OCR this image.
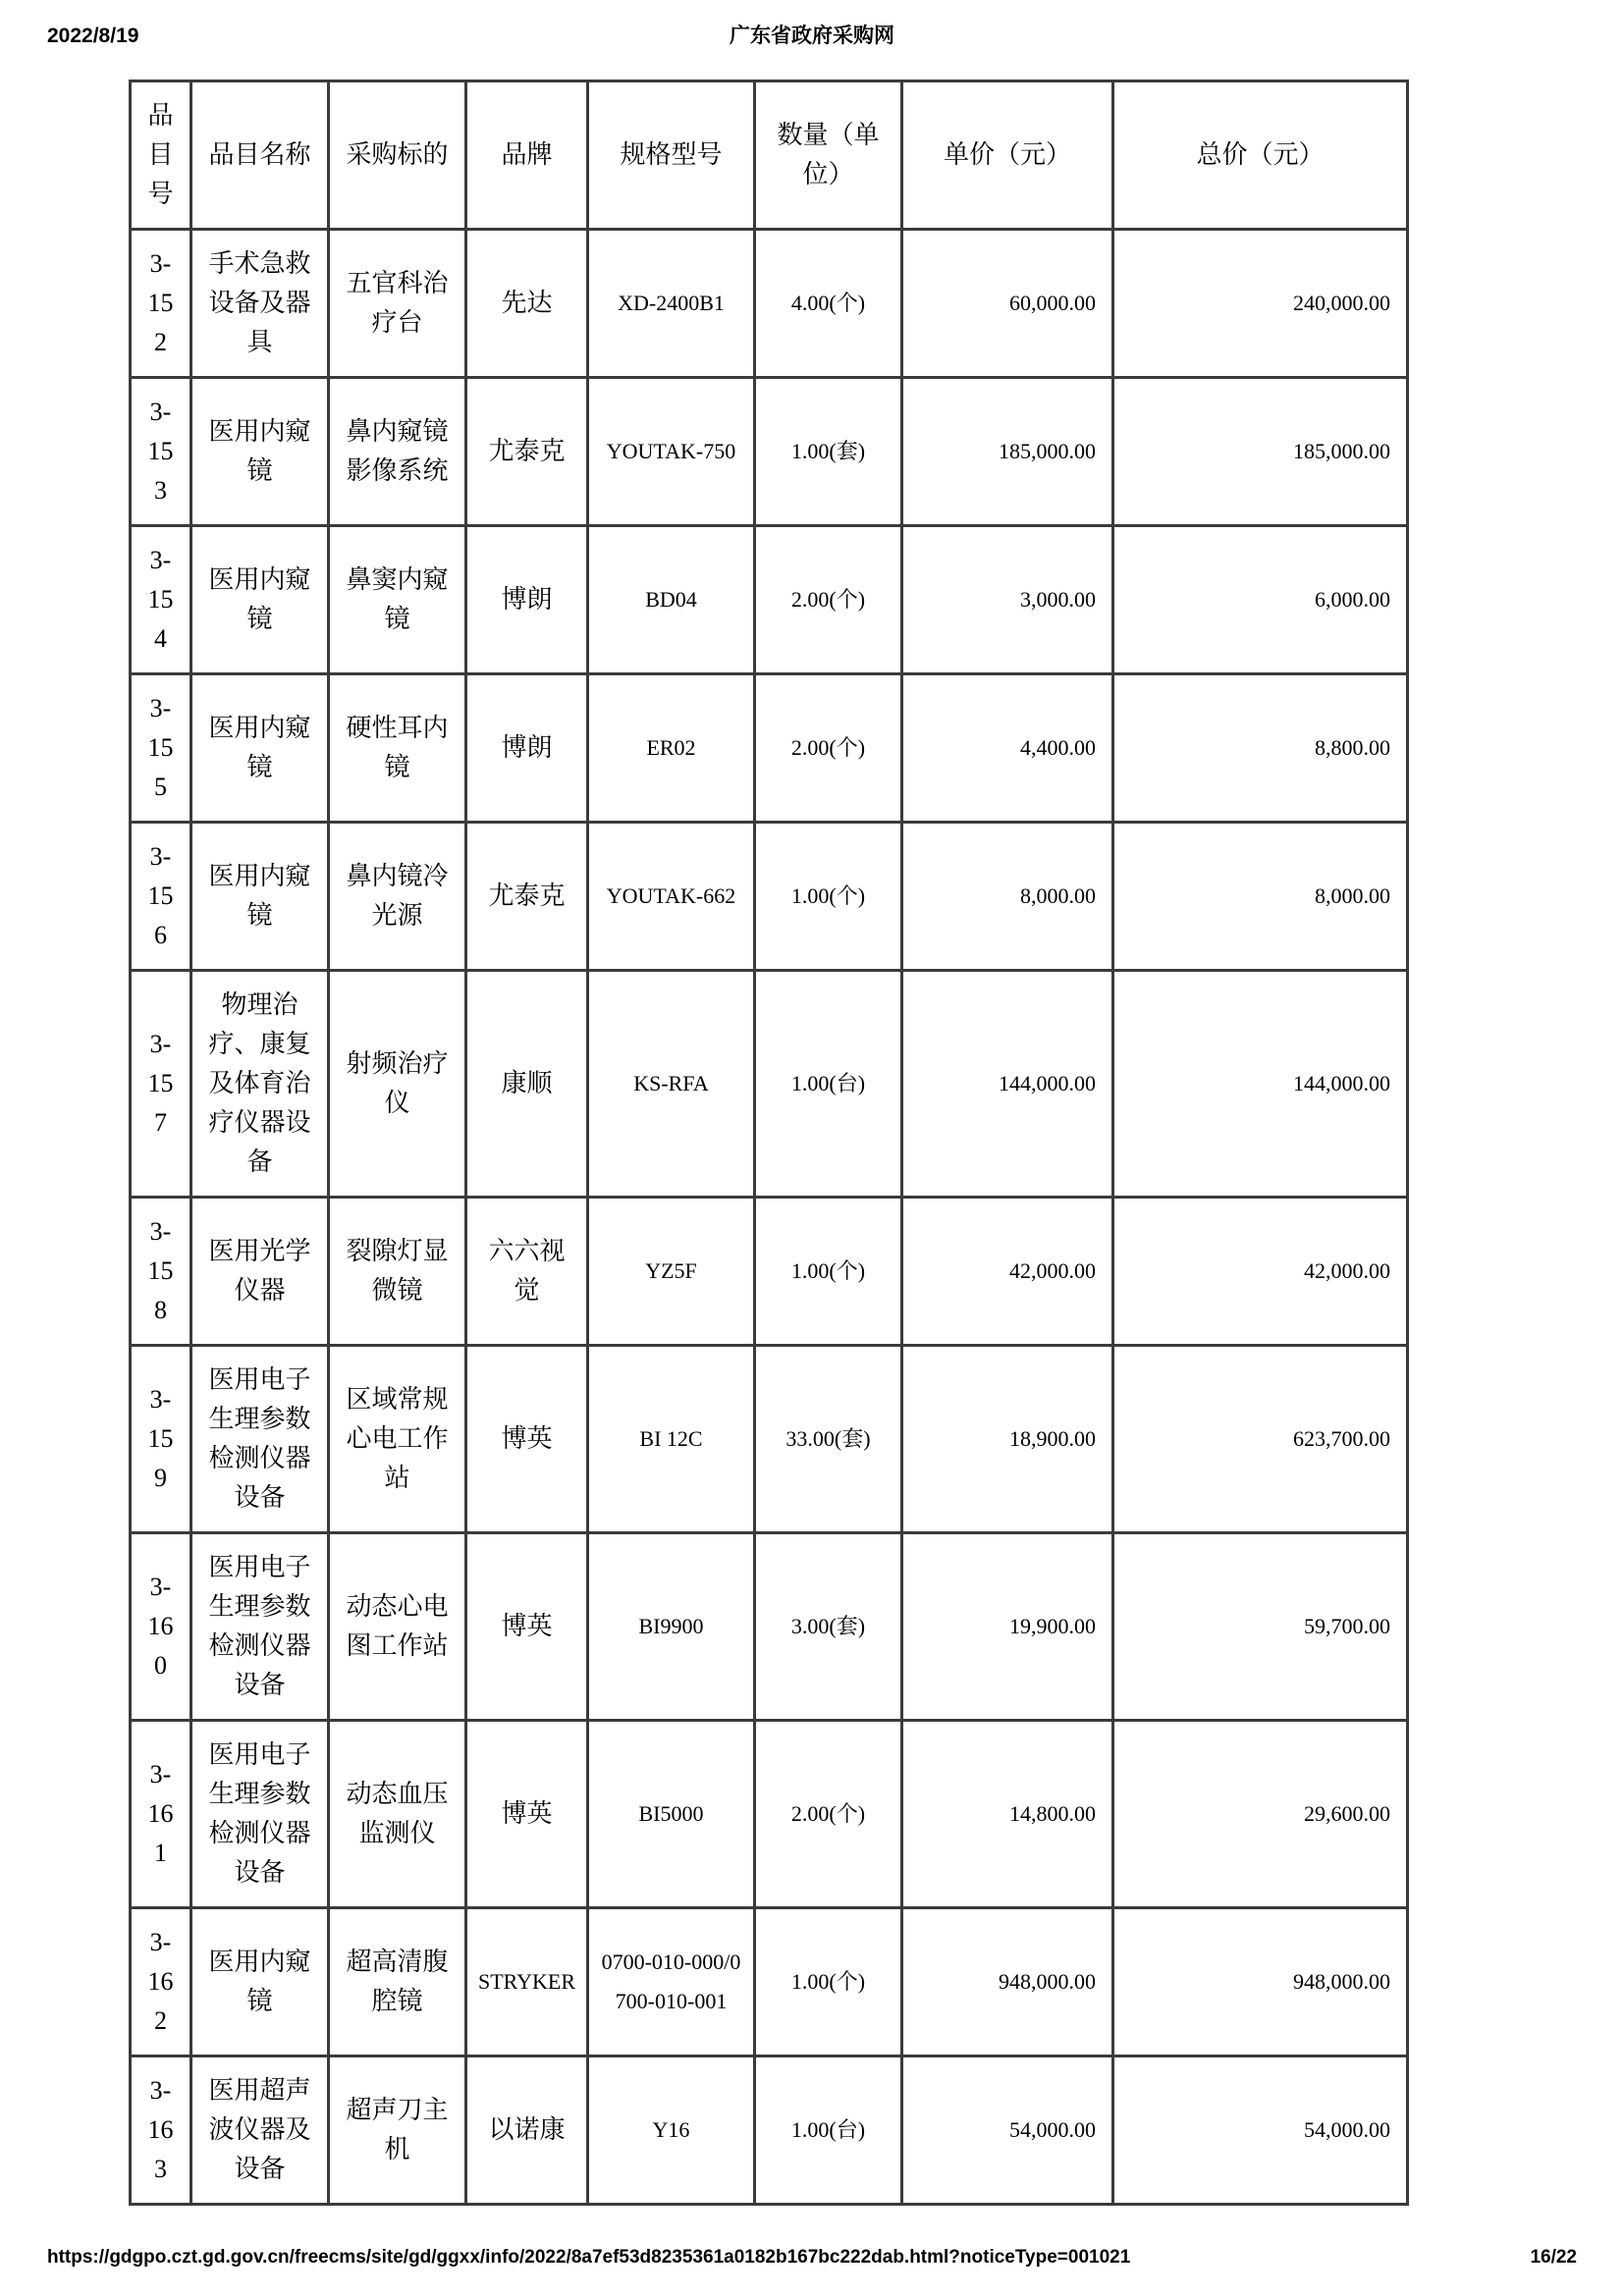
2022/8/19	广东省政府采购网
品目号	品目名称	采购标的	品牌	规格型号	数量（单位）	单价（元）	总价（元）
3-152	手术急救设备及器具	五官科治疗台	先达	XD-2400B1	4.00(个)	60,000.00	240,000.00
3-153	医用内窥镜	鼻内窥镜影像系统	尤泰克	YOUTAK-750	1.00(套)	185,000.00	185,000.00
3-154	医用内窥镜	鼻窦内窥镜	博朗	BD04	2.00(个)	3,000.00	6,000.00
3-155	医用内窥镜	硬性耳内镜	博朗	ER02	2.00(个)	4,400.00	8,800.00
3-156	医用内窥镜	鼻内镜冷光源	尤泰克	YOUTAK-662	1.00(个)	8,000.00	8,000.00
3-157	物理治疗、康复及体育治疗仪器设备	射频治疗仪	康顺	KS-RFA	1.00(台)	144,000.00	144,000.00
3-158	医用光学仪器	裂隙灯显微镜	六六视觉	YZ5F	1.00(个)	42,000.00	42,000.00
3-159	医用电子生理参数检测仪器设备	区域常规心电工作站	博英	BI 12C	33.00(套)	18,900.00	623,700.00
3-160	医用电子生理参数检测仪器设备	动态心电图工作站	博英	BI9900	3.00(套)	19,900.00	59,700.00
3-161	医用电子生理参数检测仪器设备	动态血压监测仪	博英	BI5000	2.00(个)	14,800.00	29,600.00
3-162	医用内窥镜	超高清腹腔镜	STRYKER	0700-010-000/0700-010-001	1.00(个)	948,000.00	948,000.00
3-163	医用超声波仪器及设备	超声刀主机	以诺康	Y16	1.00(台)	54,000.00	54,000.00
https://gdgpo.czt.gd.gov.cn/freecms/site/gd/ggxx/info/2022/8a7ef53d8235361a0182b167bc222dab.html?noticeType=001021	16/22
